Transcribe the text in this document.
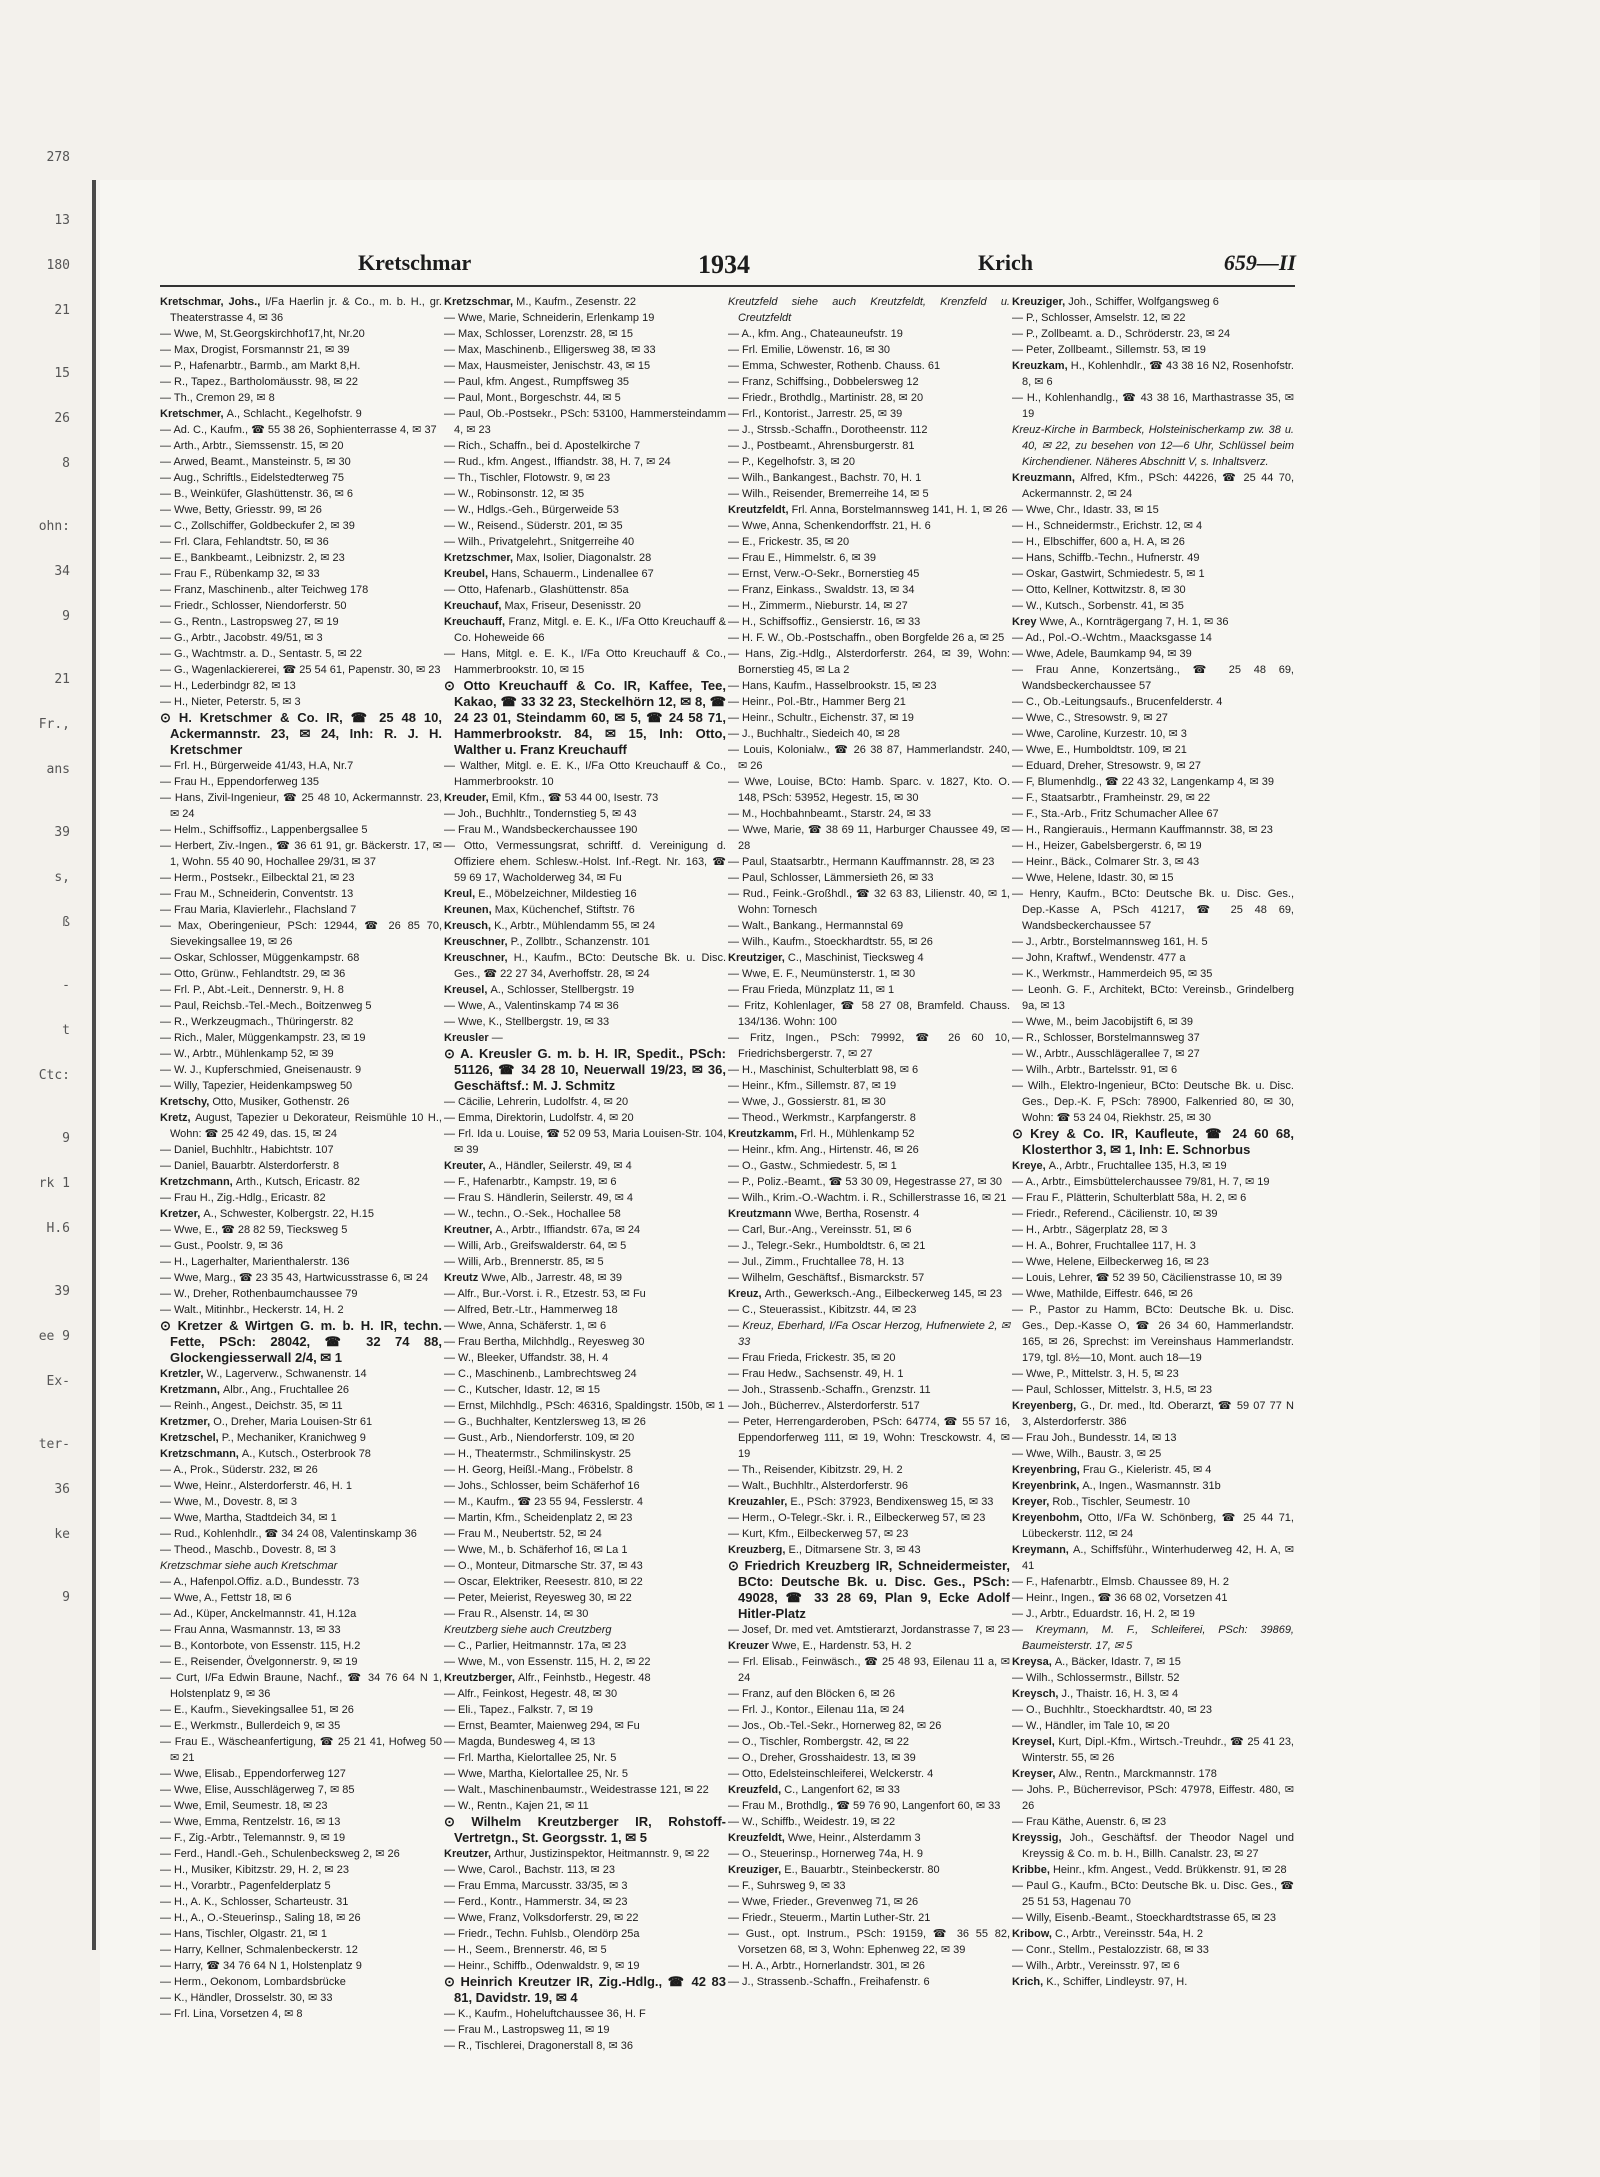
278
13
180
21
15
26
8
ohn:
34
9
21
Fr.,
ans
39
s,
ß
-
t
Ctc:
9
rk 1
H.6
39
ee 9
Ex-
ter-
36
ke
9
Kretschmar	1934	Krich	659—II

Kretschmar, Johs., I/Fa Haerlin jr. & Co., m. b. H., gr. Theaterstrasse 4, ✉ 36

— Wwe, M, St.Georgskirchhof17,ht, Nr.20

— Max, Drogist, Forsmannstr 21, ✉ 39

— P., Hafenarbtr., Barmb., am Markt 8,H.

— R., Tapez., Bartholomäusstr. 98, ✉ 22

— Th., Cremon 29, ✉ 8

Kretschmer, A., Schlacht., Kegelhofstr. 9

— Ad. C., Kaufm., ☎ 55 38 26, Sophienterrasse 4, ✉ 37

— Arth., Arbtr., Siemssenstr. 15, ✉ 20

— Arwed, Beamt., Mansteinstr. 5, ✉ 30

— Aug., Schriftls., Eidelstedterweg 75

— B., Weinküfer, Glashüttenstr. 36, ✉ 6

— Wwe, Betty, Griesstr. 99, ✉ 26

— C., Zollschiffer, Goldbeckufer 2, ✉ 39

— Frl. Clara, Fehlandtstr. 50, ✉ 36

— E., Bankbeamt., Leibnizstr. 2, ✉ 23

— Frau F., Rübenkamp 32, ✉ 33

— Franz, Maschinenb., alter Teichweg 178

— Friedr., Schlosser, Niendorferstr. 50

— G., Rentn., Lastropsweg 27, ✉ 19

— G., Arbtr., Jacobstr. 49/51, ✉ 3

— G., Wachtmstr. a. D., Sentastr. 5, ✉ 22

— G., Wagenlackiererei, ☎ 25 54 61, Papenstr. 30, ✉ 23

— H., Lederbindgr 82, ✉ 13

— H., Nieter, Peterstr. 5, ✉ 3

⊙ H. Kretschmer & Co. IR, ☎ 25 48 10, Ackermannstr. 23, ✉ 24, Inh: R. J. H. Kretschmer

— Frl. H., Bürgerweide 41/43, H.A, Nr.7

— Frau H., Eppendorferweg 135

— Hans, Zivil-Ingenieur, ☎ 25 48 10, Ackermannstr. 23, ✉ 24

— Helm., Schiffsoffiz., Lappenbergsallee 5

— Herbert, Ziv.-Ingen., ☎ 36 61 91, gr. Bäckerstr. 17, ✉ 1, Wohn. 55 40 90, Hochallee 29/31, ✉ 37

— Herm., Postsekr., Eilbecktal 21, ✉ 23

— Frau M., Schneiderin, Conventstr. 13

— Frau Maria, Klavierlehr., Flachsland 7

— Max, Oberingenieur, PSch: 12944, ☎ 26 85 70, Sievekingsallee 19, ✉ 26

— Oskar, Schlosser, Müggenkampstr. 68

— Otto, Grünw., Fehlandtstr. 29, ✉ 36

— Frl. P., Abt.-Leit., Dennerstr. 9, H. 8

— Paul, Reichsb.-Tel.-Mech., Boitzenweg 5

— R., Werkzeugmach., Thüringerstr. 82

— Rich., Maler, Müggenkampstr. 23, ✉ 19

— W., Arbtr., Mühlenkamp 52, ✉ 39

— W. J., Kupferschmied, Gneisenaustr. 9

— Willy, Tapezier, Heidenkampsweg 50

Kretschy, Otto, Musiker, Gothenstr. 26

Kretz, August, Tapezier u Dekorateur, Reismühle 10 H., Wohn: ☎ 25 42 49, das. 15, ✉ 24

— Daniel, Buchhltr., Habichtstr. 107

— Daniel, Bauarbtr. Alsterdorferstr. 8

Kretzchmann, Arth., Kutsch, Ericastr. 82

— Frau H., Zig.-Hdlg., Ericastr. 82

Kretzer, A., Schwester, Kolbergstr. 22, H.15

— Wwe, E., ☎ 28 82 59, Tiecksweg 5

— Gust., Poolstr. 9, ✉ 36

— H., Lagerhalter, Marienthalerstr. 136

— Wwe, Marg., ☎ 23 35 43, Hartwicusstrasse 6, ✉ 24

— W., Dreher, Rothenbaumchaussee 79

— Walt., Mitinhbr., Heckerstr. 14, H. 2

⊙ Kretzer & Wirtgen G. m. b. H. IR, techn. Fette, PSch: 28042, ☎ 32 74 88, Glockengiesserwall 2/4, ✉ 1

Kretzler, W., Lagerverw., Schwanenstr. 14

Kretzmann, Albr., Ang., Fruchtallee 26

— Reinh., Angest., Deichstr. 35, ✉ 11

Kretzmer, O., Dreher, Maria Louisen-Str 61

Kretzschel, P., Mechaniker, Kranichweg 9

Kretzschmann, A., Kutsch., Osterbrook 78

— A., Prok., Süderstr. 232, ✉ 26

— Wwe, Heinr., Alsterdorferstr. 46, H. 1

— Wwe, M., Dovestr. 8, ✉ 3

— Wwe, Martha, Stadtdeich 34, ✉ 1

— Rud., Kohlenhdlr., ☎ 34 24 08, Valentinskamp 36

— Theod., Maschb., Dovestr. 8, ✉ 3

Kretzschmar siehe auch Kretschmar

— A., Hafenpol.Offiz. a.D., Bundesstr. 73

— Wwe, A., Fettstr 18, ✉ 6

— Ad., Küper, Anckelmannstr. 41, H.12a

— Frau Anna, Wasmannstr. 13, ✉ 33

— B., Kontorbote, von Essenstr. 115, H.2

— E., Reisender, Övelgonnerstr. 9, ✉ 19

— Curt, I/Fa Edwin Braune, Nachf., ☎ 34 76 64 N 1, Holstenplatz 9, ✉ 36

— E., Kaufm., Sievekingsallee 51, ✉ 26

— E., Werkmstr., Bullerdeich 9, ✉ 35

— Frau E., Wäscheanfertigung, ☎ 25 21 41, Hofweg 50 ✉ 21

— Wwe, Elisab., Eppendorferweg 127

— Wwe, Elise, Ausschlägerweg 7, ✉ 85

— Wwe, Emil, Seumestr. 18, ✉ 23

— Wwe, Emma, Rentzelstr. 16, ✉ 13

— F., Zig.-Arbtr., Telemannstr. 9, ✉ 19

— Ferd., Handl.-Geh., Schulenbecksweg 2, ✉ 26

— H., Musiker, Kibitzstr. 29, H. 2, ✉ 23

— H., Vorarbtr., Pagenfelderplatz 5

— H., A. K., Schlosser, Scharteustr. 31

— H., A., O.-Steuerinsp., Saling 18, ✉ 26

— Hans, Tischler, Olgastr. 21, ✉ 1

— Harry, Kellner, Schmalenbeckerstr. 12

— Harry, ☎ 34 76 64 N 1, Holstenplatz 9

— Herm., Oekonom, Lombardsbrücke

— K., Händler, Drosselstr. 30, ✉ 33

— Frl. Lina, Vorsetzen 4, ✉ 8

Kretzschmar, M., Kaufm., Zesenstr. 22

— Wwe, Marie, Schneiderin, Erlenkamp 19

— Max, Schlosser, Lorenzstr. 28, ✉ 15

— Max, Maschinenb., Elligersweg 38, ✉ 33

— Max, Hausmeister, Jenischstr. 43, ✉ 15

— Paul, kfm. Angest., Rumpffsweg 35

— Paul, Mont., Borgeschstr. 44, ✉ 5

— Paul, Ob.-Postsekr., PSch: 53100, Hammersteindamm 4, ✉ 23

— Rich., Schaffn., bei d. Apostelkirche 7

— Rud., kfm. Angest., Iffiandstr. 38, H. 7, ✉ 24

— Th., Tischler, Flotowstr. 9, ✉ 23

— W., Robinsonstr. 12, ✉ 35

— W., Hdlgs.-Geh., Bürgerweide 53

— W., Reisend., Süderstr. 201, ✉ 35

— Wilh., Privatgelehrt., Snitgerreihe 40

Kretzschmer, Max, Isolier, Diagonalstr. 28

Kreubel, Hans, Schauerm., Lindenallee 67

— Otto, Hafenarb., Glashüttenstr. 85a

Kreuchauf, Max, Friseur, Desenisstr. 20

Kreuchauff, Franz, Mitgl. e. E. K., I/Fa Otto Kreuchauff & Co. Hoheweide 66

— Hans, Mitgl. e. E. K., I/Fa Otto Kreuchauff & Co., Hammerbrookstr. 10, ✉ 15

⊙ Otto Kreuchauff & Co. IR, Kaffee, Tee, Kakao, ☎ 33 32 23, Steckelhörn 12, ✉ 8, ☎ 24 23 01, Steindamm 60, ✉ 5, ☎ 24 58 71, Hammerbrookstr. 84, ✉ 15, Inh: Otto, Walther u. Franz Kreuchauff

— Walther, Mitgl. e. E. K., I/Fa Otto Kreuchauff & Co., Hammerbrookstr. 10

Kreuder, Emil, Kfm., ☎ 53 44 00, Isestr. 73

— Joh., Buchhltr., Tondernstieg 5, ✉ 43

— Frau M., Wandsbeckerchaussee 190

— Otto, Vermessungsrat, schriftf. d. Vereinigung d. Offiziere ehem. Schlesw.-Holst. Inf.-Regt. Nr. 163, ☎ 59 69 17, Wacholderweg 34, ✉ Fu

Kreul, E., Möbelzeichner, Mildestieg 16

Kreunen, Max, Küchenchef, Stiftstr. 76

Kreusch, K., Arbtr., Mühlendamm 55, ✉ 24

Kreuschner, P., Zollbtr., Schanzenstr. 101

Kreuschner, H., Kaufm., BCto: Deutsche Bk. u. Disc. Ges., ☎ 22 27 34, Averhoffstr. 28, ✉ 24

Kreusel, A., Schlosser, Stellbergstr. 19

— Wwe, A., Valentinskamp 74 ✉ 36

— Wwe, K., Stellbergstr. 19, ✉ 33

Kreusler —

⊙ A. Kreusler G. m. b. H. IR, Spedit., PSch: 51126, ☎ 34 28 10, Neuerwall 19/23, ✉ 36, Geschäftsf.: M. J. Schmitz

— Cäcilie, Lehrerin, Ludolfstr. 4, ✉ 20

— Emma, Direktorin, Ludolfstr. 4, ✉ 20

— Frl. Ida u. Louise, ☎ 52 09 53, Maria Louisen-Str. 104, ✉ 39

Kreuter, A., Händler, Seilerstr. 49, ✉ 4

— F., Hafenarbtr., Kampstr. 19, ✉ 6

— Frau S. Händlerin, Seilerstr. 49, ✉ 4

— W., techn., O.-Sek., Hochallee 58

Kreutner, A., Arbtr., Iffiandstr. 67a, ✉ 24

— Willi, Arb., Greifswalderstr. 64, ✉ 5

— Willi, Arb., Brennerstr. 85, ✉ 5

Kreutz Wwe, Alb., Jarrestr. 48, ✉ 39

— Alfr., Bur.-Vorst. i. R., Etzestr. 53, ✉ Fu

— Alfred, Betr.-Ltr., Hammerweg 18

— Wwe, Anna, Schäferstr. 1, ✉ 6

— Frau Bertha, Milchhdlg., Reyesweg 30

— W., Bleeker, Uffandstr. 38, H. 4

— C., Maschinenb., Lambrechtsweg 24

— C., Kutscher, Idastr. 12, ✉ 15

— Ernst, Milchhdlg., PSch: 46316, Spaldingstr. 150b, ✉ 1

— G., Buchhalter, Kentzlersweg 13, ✉ 26

— Gust., Arb., Niendorferstr. 109, ✉ 20

— H., Theatermstr., Schmilinskystr. 25

— H. Georg, Heißl.-Mang., Fröbelstr. 8

— Johs., Schlosser, beim Schäferhof 16

— M., Kaufm., ☎ 23 55 94, Fesslerstr. 4

— Martin, Kfm., Scheidenplatz 2, ✉ 23

— Frau M., Neubertstr. 52, ✉ 24

— Wwe, M., b. Schäferhof 16, ✉ La 1

— O., Monteur, Ditmarsche Str. 37, ✉ 43

— Oscar, Elektriker, Reesestr. 810, ✉ 22

— Peter, Meierist, Reyesweg 30, ✉ 22

— Frau R., Alsenstr. 14, ✉ 30

Kreutzberg siehe auch Creutzberg

— C., Parlier, Heitmannstr. 17a, ✉ 23

— Wwe, M., von Essenstr. 115, H. 2, ✉ 22

Kreutzberger, Alfr., Feinhstb., Hegestr. 48

— Alfr., Feinkost, Hegestr. 48, ✉ 30

— Eli., Tapez., Falkstr. 7, ✉ 19

— Ernst, Beamter, Maienweg 294, ✉ Fu

— Magda, Bundesweg 4, ✉ 13

— Frl. Martha, Kielortallee 25, Nr. 5

— Wwe, Martha, Kielortallee 25, Nr. 5

— Walt., Maschinenbaumstr., Weidestrasse 121, ✉ 22

— W., Rentn., Kajen 21, ✉ 11

⊙ Wilhelm Kreutzberger IR, Rohstoff-Vertretgn., St. Georgsstr. 1, ✉ 5

Kreutzer, Arthur, Justizinspektor, Heitmannstr. 9, ✉ 22

— Wwe, Carol., Bachstr. 113, ✉ 23

— Frau Emma, Marcusstr. 33/35, ✉ 3

— Ferd., Kontr., Hammerstr. 34, ✉ 23

— Wwe, Franz, Volksdorferstr. 29, ✉ 22

— Friedr., Techn. Fuhlsb., Olendörp 25a

— H., Seem., Brennerstr. 46, ✉ 5

— Heinr., Schiffb., Odenwaldstr. 9, ✉ 19

⊙ Heinrich Kreutzer IR, Zig.-Hdlg., ☎ 42 83 81, Davidstr. 19, ✉ 4

— K., Kaufm., Hoheluftchaussee 36, H. F

— Frau M., Lastropsweg 11, ✉ 19

— R., Tischlerei, Dragonerstall 8, ✉ 36

Kreutzfeld siehe auch Kreutzfeldt, Krenzfeld u. Creutzfeldt

— A., kfm. Ang., Chateauneufstr. 19

— Frl. Emilie, Löwenstr. 16, ✉ 30

— Emma, Schwester, Rothenb. Chauss. 61

— Franz, Schiffsing., Dobbelersweg 12

— Friedr., Brothdlg., Martinistr. 28, ✉ 20

— Frl., Kontorist., Jarrestr. 25, ✉ 39

— J., Strssb.-Schaffn., Dorotheenstr. 112

— J., Postbeamt., Ahrensburgerstr. 81

— P., Kegelhofstr. 3, ✉ 20

— Wilh., Bankangest., Bachstr. 70, H. 1

— Wilh., Reisender, Bremerreihe 14, ✉ 5

Kreutzfeldt, Frl. Anna, Borstelmannsweg 141, H. 1, ✉ 26

— Wwe, Anna, Schenkendorffstr. 21, H. 6

— E., Frickestr. 35, ✉ 20

— Frau E., Himmelstr. 6, ✉ 39

— Ernst, Verw.-O-Sekr., Bornerstieg 45

— Franz, Einkass., Swaldstr. 13, ✉ 34

— H., Zimmerm., Nieburstr. 14, ✉ 27

— H., Schiffsoffiz., Gensierstr. 16, ✉ 33

— H. F. W., Ob.-Postschaffn., oben Borgfelde 26 a, ✉ 25

— Hans, Zig.-Hdlg., Alsterdorferstr. 264, ✉ 39, Wohn: Bornerstieg 45, ✉ La 2

— Hans, Kaufm., Hasselbrookstr. 15, ✉ 23

— Heinr., Pol.-Btr., Hammer Berg 21

— Heinr., Schultr., Eichenstr. 37, ✉ 19

— J., Buchhaltr., Siedeich 40, ✉ 28

— Louis, Kolonialw., ☎ 26 38 87, Hammerlandstr. 240, ✉ 26

— Wwe, Louise, BCto: Hamb. Sparc. v. 1827, Kto. O. 148, PSch: 53952, Hegestr. 15, ✉ 30

— M., Hochbahnbeamt., Starstr. 24, ✉ 33

— Wwe, Marie, ☎ 38 69 11, Harburger Chaussee 49, ✉ 28

— Paul, Staatsarbtr., Hermann Kauffmannstr. 28, ✉ 23

— Paul, Schlosser, Lämmersieth 26, ✉ 33

— Rud., Feink.-Großhdl., ☎ 32 63 83, Lilienstr. 40, ✉ 1, Wohn: Tornesch

— Walt., Bankang., Hermannstal 69

— Wilh., Kaufm., Stoeckhardtstr. 55, ✉ 26

Kreutziger, C., Maschinist, Tiecksweg 4

— Wwe, E. F., Neumünsterstr. 1, ✉ 30

— Frau Frieda, Münzplatz 11, ✉ 1

— Fritz, Kohlenlager, ☎ 58 27 08, Bramfeld. Chauss. 134/136. Wohn: 100

— Fritz, Ingen., PSch: 79992, ☎ 26 60 10, Friedrichsbergerstr. 7, ✉ 27

— H., Maschinist, Schulterblatt 98, ✉ 6

— Heinr., Kfm., Sillemstr. 87, ✉ 19

— Wwe, J., Gossierstr. 81, ✉ 30

— Theod., Werkmstr., Karpfangerstr. 8

Kreutzkamm, Frl. H., Mühlenkamp 52

— Heinr., kfm. Ang., Hirtenstr. 46, ✉ 26

— O., Gastw., Schmiedestr. 5, ✉ 1

— P., Poliz.-Beamt., ☎ 53 30 09, Hegestrasse 27, ✉ 30

— Wilh., Krim.-O.-Wachtm. i. R., Schillerstrasse 16, ✉ 21

Kreutzmann Wwe, Bertha, Rosenstr. 4

— Carl, Bur.-Ang., Vereinsstr. 51, ✉ 6

— J., Telegr.-Sekr., Humboldtstr. 6, ✉ 21

— Jul., Zimm., Fruchtallee 78, H. 13

— Wilhelm, Geschäftsf., Bismarckstr. 57

Kreuz, Arth., Gewerksch.-Ang., Eilbeckerweg 145, ✉ 23

— C., Steuerassist., Kibitzstr. 44, ✉ 23

— Kreuz, Eberhard, I/Fa Oscar Herzog, Hufnerwiete 2, ✉ 33

— Frau Frieda, Frickestr. 35, ✉ 20

— Frau Hedw., Sachsenstr. 49, H. 1

— Joh., Strassenb.-Schaffn., Grenzstr. 11

— Joh., Bücherrev., Alsterdorferstr. 517

— Peter, Herrengarderoben, PSch: 64774, ☎ 55 57 16, Eppendorferweg 111, ✉ 19, Wohn: Tresckowstr. 4, ✉ 19

— Th., Reisender, Kibitzstr. 29, H. 2

— Walt., Buchhltr., Alsterdorferstr. 96

Kreuzahler, E., PSch: 37923, Bendixensweg 15, ✉ 33

— Herm., O-Telegr.-Skr. i. R., Eilbeckerweg 57, ✉ 23

— Kurt, Kfm., Eilbeckerweg 57, ✉ 23

Kreuzberg, E., Ditmarsene Str. 3, ✉ 43

⊙ Friedrich Kreuzberg IR, Schneidermeister, BCto: Deutsche Bk. u. Disc. Ges., PSch: 49028, ☎ 33 28 69, Plan 9, Ecke Adolf Hitler-Platz

— Josef, Dr. med vet. Amtstierarzt, Jordanstrasse 7, ✉ 23

Kreuzer Wwe, E., Hardenstr. 53, H. 2

— Frl. Elisab., Feinwäsch., ☎ 25 48 93, Eilenau 11 a, ✉ 24

— Franz, auf den Blöcken 6, ✉ 26

— Frl. J., Kontor., Eilenau 11a, ✉ 24

— Jos., Ob.-Tel.-Sekr., Hornerweg 82, ✉ 26

— O., Tischler, Rombergstr. 42, ✉ 22

— O., Dreher, Grosshaidestr. 13, ✉ 39

— Otto, Edelsteinschleiferei, Welckerstr. 4

Kreuzfeld, C., Langenfort 62, ✉ 33

— Frau M., Brothdlg., ☎ 59 76 90, Langenfort 60, ✉ 33

— W., Schiffb., Weidestr. 19, ✉ 22

Kreuzfeldt, Wwe, Heinr., Alsterdamm 3

— O., Steuerinsp., Hornerweg 74a, H. 9

Kreuziger, E., Bauarbtr., Steinbeckerstr. 80

— F., Suhrsweg 9, ✉ 33

— Wwe, Frieder., Grevenweg 71, ✉ 26

— Friedr., Steuerm., Martin Luther-Str. 21

— Gust., opt. Instrum., PSch: 19159, ☎ 36 55 82, Vorsetzen 68, ✉ 3, Wohn: Ephenweg 22, ✉ 39

— H. A., Arbtr., Hornerlandstr. 301, ✉ 26

— J., Strassenb.-Schaffn., Freihafenstr. 6

Kreuziger, Joh., Schiffer, Wolfgangsweg 6

— P., Schlosser, Amselstr. 12, ✉ 22

— P., Zollbeamt. a. D., Schröderstr. 23, ✉ 24

— Peter, Zollbeamt., Sillemstr. 53, ✉ 19

Kreuzkam, H., Kohlenhdlr., ☎ 43 38 16 N2, Rosenhofstr. 8, ✉ 6

— H., Kohlenhandlg., ☎ 43 38 16, Marthastrasse 35, ✉ 19

Kreuz-Kirche in Barmbeck, Holsteinischerkamp zw. 38 u. 40, ✉ 22, zu besehen von 12—6 Uhr, Schlüssel beim Kirchendiener. Näheres Abschnitt V, s. Inhaltsverz.

Kreuzmann, Alfred, Kfm., PSch: 44226, ☎ 25 44 70, Ackermannstr. 2, ✉ 24

— Wwe, Chr., Idastr. 33, ✉ 15

— H., Schneidermstr., Erichstr. 12, ✉ 4

— H., Elbschiffer, 600 a, H. A, ✉ 26

— Hans, Schiffb.-Techn., Hufnerstr. 49

— Oskar, Gastwirt, Schmiedestr. 5, ✉ 1

— Otto, Kellner, Kottwitzstr. 8, ✉ 30

— W., Kutsch., Sorbenstr. 41, ✉ 35

Krey Wwe, A., Kornträgergang 7, H. 1, ✉ 36

— Ad., Pol.-O.-Wchtm., Maacksgasse 14

— Wwe, Adele, Baumkamp 94, ✉ 39

— Frau Anne, Konzertsäng., ☎ 25 48 69, Wandsbeckerchaussee 57

— C., Ob.-Leitungsaufs., Brucenfelderstr. 4

— Wwe, C., Stresowstr. 9, ✉ 27

— Wwe, Caroline, Kurzestr. 10, ✉ 3

— Wwe, E., Humboldtstr. 109, ✉ 21

— Eduard, Dreher, Stresowstr. 9, ✉ 27

— F, Blumenhdlg., ☎ 22 43 32, Langenkamp 4, ✉ 39

— F., Staatsarbtr., Framheinstr. 29, ✉ 22

— F., Sta.-Arb., Fritz Schumacher Allee 67

— H., Rangierauis., Hermann Kauffmannstr. 38, ✉ 23

— H., Heizer, Gabelsbergerstr. 6, ✉ 19

— Heinr., Bäck., Colmarer Str. 3, ✉ 43

— Wwe, Helene, Idastr. 30, ✉ 15

— Henry, Kaufm., BCto: Deutsche Bk. u. Disc. Ges., Dep.-Kasse A, PSch 41217, ☎ 25 48 69, Wandsbeckerchaussee 57

— J., Arbtr., Borstelmannsweg 161, H. 5

— John, Kraftwf., Wendenstr. 477 a

— K., Werkmstr., Hammerdeich 95, ✉ 35

— Leonh. G. F., Architekt, BCto: Vereinsb., Grindelberg 9a, ✉ 13

— Wwe, M., beim Jacobijstift 6, ✉ 39

— R., Schlosser, Borstelmannsweg 37

— W., Arbtr., Ausschlägerallee 7, ✉ 27

— Wilh., Arbtr., Bartelsstr. 91, ✉ 6

— Wilh., Elektro-Ingenieur, BCto: Deutsche Bk. u. Disc. Ges., Dep.-K. F, PSch: 78900, Falkenried 80, ✉ 30, Wohn: ☎ 53 24 04, Riekhstr. 25, ✉ 30

⊙ Krey & Co. IR, Kaufleute, ☎ 24 60 68, Klosterthor 3, ✉ 1, Inh: E. Schnorbus

Kreye, A., Arbtr., Fruchtallee 135, H.3, ✉ 19

— A., Arbtr., Eimsbüttelerchaussee 79/81, H. 7, ✉ 19

— Frau F., Plätterin, Schulterblatt 58a, H. 2, ✉ 6

— Friedr., Referend., Cäcilienstr. 10, ✉ 39

— H., Arbtr., Sägerplatz 28, ✉ 3

— H. A., Bohrer, Fruchtallee 117, H. 3

— Wwe, Helene, Eilbeckerweg 16, ✉ 23

— Louis, Lehrer, ☎ 52 39 50, Cäcilienstrasse 10, ✉ 39

— Wwe, Mathilde, Eiffestr. 646, ✉ 26

— P., Pastor zu Hamm, BCto: Deutsche Bk. u. Disc. Ges., Dep.-Kasse O, ☎ 26 34 60, Hammerlandstr. 165, ✉ 26, Sprechst: im Vereinshaus Hammerlandstr. 179, tgl. 8½—10, Mont. auch 18—19

— Wwe, P., Mittelstr. 3, H. 5, ✉ 23

— Paul, Schlosser, Mittelstr. 3, H.5, ✉ 23

Kreyenberg, G., Dr. med., ltd. Oberarzt, ☎ 59 07 77 N 3, Alsterdorferstr. 386

— Frau Joh., Bundesstr. 14, ✉ 13

— Wwe, Wilh., Baustr. 3, ✉ 25

Kreyenbring, Frau G., Kieleristr. 45, ✉ 4

Kreyenbrink, A., Ingen., Wasmannstr. 31b

Kreyer, Rob., Tischler, Seumestr. 10

Kreyenbohm, Otto, I/Fa W. Schönberg, ☎ 25 44 71, Lübeckerstr. 112, ✉ 24

Kreymann, A., Schiffsführ., Winterhuderweg 42, H. A, ✉ 41

— F., Hafenarbtr., Elmsb. Chaussee 89, H. 2

— Heinr., Ingen., ☎ 36 68 02, Vorsetzen 41

— J., Arbtr., Eduardstr. 16, H. 2, ✉ 19

— Kreymann, M. F., Schleiferei, PSch: 39869, Baumeisterstr. 17, ✉ 5

Kreysa, A., Bäcker, Idastr. 7, ✉ 15

— Wilh., Schlossermstr., Billstr. 52

Kreysch, J., Thaistr. 16, H. 3, ✉ 4

— O., Buchhltr., Stoeckhardtstr. 40, ✉ 23

— W., Händler, im Tale 10, ✉ 20

Kreysel, Kurt, Dipl.-Kfm., Wirtsch.-Treuhdr., ☎ 25 41 23, Winterstr. 55, ✉ 26

Kreyser, Alw., Rentn., Marckmannstr. 178

— Johs. P., Bücherrevisor, PSch: 47978, Eiffestr. 480, ✉ 26

— Frau Käthe, Auenstr. 6, ✉ 23

Kreyssig, Joh., Geschäftsf. der Theodor Nagel und Kreyssig & Co. m. b. H., Billh. Canalstr. 23, ✉ 27

Kribbe, Heinr., kfm. Angest., Vedd. Brükkenstr. 91, ✉ 28

— Paul G., Kaufm., BCto: Deutsche Bk. u. Disc. Ges., ☎ 25 51 53, Hagenau 70

— Willy, Eisenb.-Beamt., Stoeckhardtstrasse 65, ✉ 23

Kribow, C., Arbtr., Vereinsstr. 54a, H. 2

— Conr., Stellm., Pestalozzistr. 68, ✉ 33

— Wilh., Arbtr., Vereinsstr. 97, ✉ 6

Krich, K., Schiffer, Lindleystr. 97, H.
